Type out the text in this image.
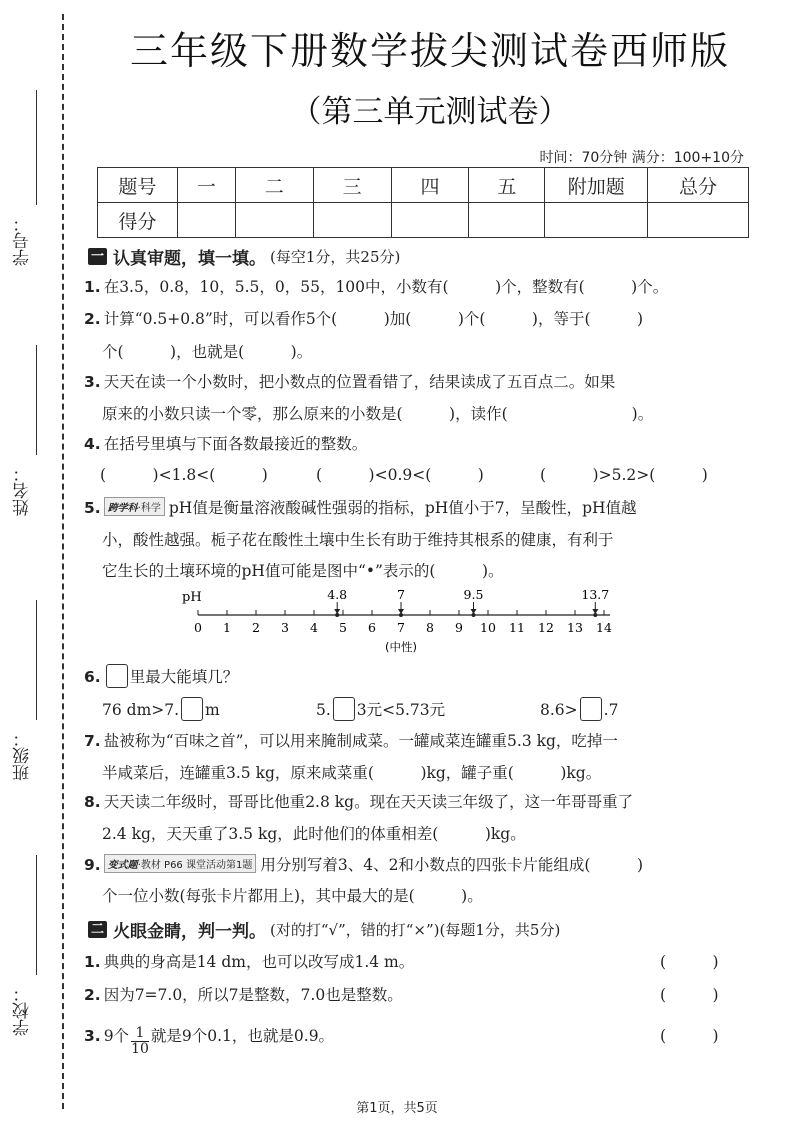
学号：
姓名：
班级：
学校：
三年级下册数学拔尖测试卷西师版
（第三单元测试卷）
时间：70分钟 满分：100+10分
题号	一	二	三	四	五	附加题	总分
得分							
一 认真审题，填一填。 (每空1分，共25分)
1. 在3.5，0.8，10，5.5，0，55，100中，小数有(　　　)个，整数有(　　　)个。
2. 计算“0.5+0.8”时，可以看作5个(　　　)加(　　　)个(　　　)，等于(　　　)
个(　　　)，也就是(　　　)。
3. 天天在读一个小数时，把小数点的位置看错了，结果读成了五百点二。如果
原来的小数只读一个零，那么原来的小数是(　　　)，读作(　　　　　　　　)。
4. 在括号里填与下面各数最接近的整数。
(　　　)<1.8<(　　　)	(　　　)<0.9<(　　　)	(　　　)>5.2>(　　　)
5. 跨学科·科学 pH值是衡量溶液酸碱性强弱的指标，pH值小于7，呈酸性，pH值越
小，酸性越强。栀子花在酸性土壤中生长有助于维持其根系的健康，有利于
它生长的土壤环境的pH值可能是图中“•”表示的(　　　)。
pH
0 1 2 3 4 5 6 7 8 9 10 11 12 13 14
4.8	7	9.5	13.7
(中性)
6. 里最大能填几？
76 dm>7. m	5. 3元<5.73元	8.6> .7
7. 盐被称为“百味之首”，可以用来腌制咸菜。一罐咸菜连罐重5.3 kg，吃掉一
半咸菜后，连罐重3.5 kg，原来咸菜重(　　　)kg，罐子重(　　　)kg。
8. 天天读二年级时，哥哥比他重2.8 kg。现在天天读三年级了，这一年哥哥重了
2.4 kg，天天重了3.5 kg，此时他们的体重相差(　　　)kg。
9. 变式题·教材 P66 课堂活动第1题 用分别写着3、4、2和小数点的四张卡片能组成(　　　)
个一位小数(每张卡片都用上)，其中最大的是(　　　)。
二 火眼金睛，判一判。 (对的打“√”，错的打“×”)(每题1分，共5分)
1. 典典的身高是14 dm，也可以改写成1.4 m。	(　　　)
2. 因为7=7.0，所以7是整数，7.0也是整数。	(　　　)
3. 9个 $\frac{1}{10}$ 就是9个0.1，也就是0.9。	(　　　)
第1页，共5页
